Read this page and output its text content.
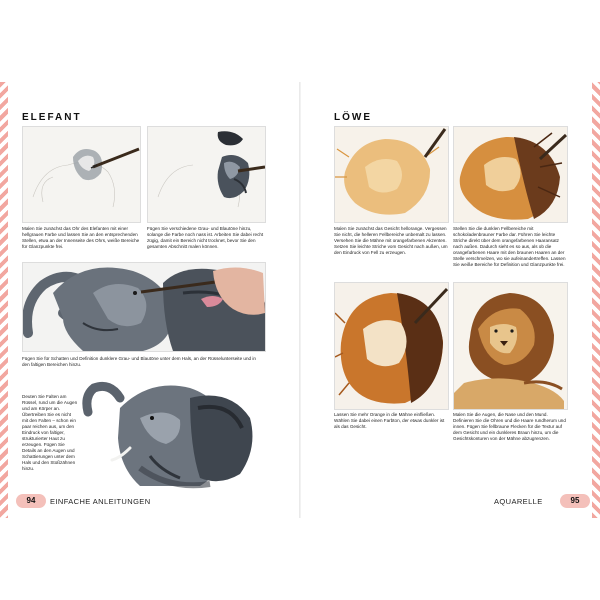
ELEFANT
Malen Sie zunächst das Ohr des Elefanten mit einer hellgrauen Farbe und lassen Sie an den entsprechenden Stellen, etwa an der Innenseite des Ohrs, weiße Bereiche für Glanzpunkte frei.
Fügen Sie verschiedene Grau- und Blautöne hinzu, solange die Farbe noch nass ist. Arbeiten Sie dabei recht zügig, damit ein Bereich nicht trocknet, bevor Sie den gesamten Abschnitt malen können.
Fügen Sie für Schatten und Definition dunklere Grau- und Blautöne unter dem Hals, an der Rüsselunterseite und in den faltigen Bereichen hinzu.
Deuten Sie Falten am Rüssel, rund um die Augen und am Körper an. Übertreiben Sie es nicht mit den Falten – schon ein paar reichen aus, um den Eindruck von faltiger, strukturierter Haut zu erzeugen. Fügen Sie Details an den Augen und Schattierungen unter dem Hals und den Stoßzähnen hinzu.
LÖWE
Malen Sie zunächst das Gesicht hellorange. Vergessen Sie nicht, die helleren Fellbereiche unbemalt zu lassen. Versehen Sie die Mähne mit orangefarbenen Akzenten. Setzen Sie leichte Striche vom Gesicht nach außen, um den Eindruck von Fell zu erzeugen.
Stellen Sie die dunklen Fellbereiche mit schokoladenbrauner Farbe dar. Führen Sie leichte Striche direkt über dem orangefarbenen Haaransatz nach außen. Dadurch sieht es so aus, als ob die orangefarbenen Haare mit den braunen Haaren an der Stelle verschmelzen, wo sie aufeinandertreffen. Lassen Sie weiße Bereiche für Definition und Glanzpunkte frei.
Lassen Sie mehr Orange in die Mähne einfließen. Wählen Sie dabei einen Farbton, der etwas dunkler ist als das Gesicht.
Malen Sie die Augen, die Nase und den Mund. Definieren Sie die Ohren und die Haare rundherum und innen. Fügen Sie fellbraune Flecken für die Textur auf dem Gesicht und ein dunkleres Braun hinzu, um die Gesichtskonturen von der Mähne abzugrenzen.
94	EINFACHE ANLEITUNGEN	AQUARELLE	95
